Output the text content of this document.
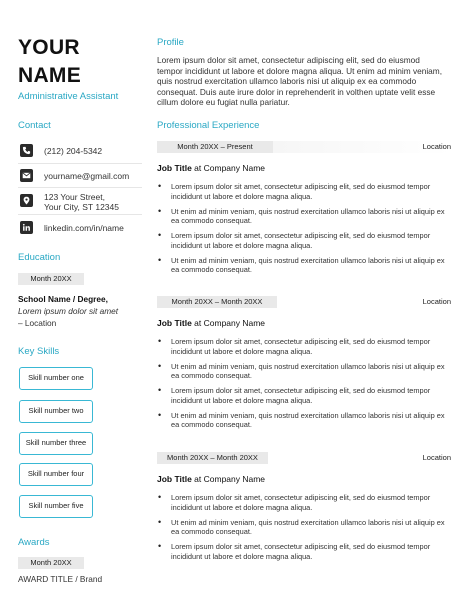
YOUR
NAME
Administrative Assistant
Contact
(212) 204-5342
yourname@gmail.com
123 Your Street,
Your City, ST 12345
linkedin.com/in/name
Education
Month 20XX
School Name / Degree,
Lorem ipsum dolor sit amet
– Location
Key Skills
Skill number one
Skill number two
Skill number three
Skill number four
Skill number five
Awards
Month 20XX
AWARD TITLE / Brand
Profile
Lorem ipsum dolor sit amet, consectetur adipiscing elit, sed do eiusmod tempor incididunt ut labore et dolore magna aliqua. Ut enim ad minim veniam, quis nostrud exercitation ullamco laboris nisi ut aliquip ex ea commodo consequat. Duis aute irure dolor in reprehenderit in volthen uptate velit esse cillum dolore eu fugiat nulla pariatur.
Professional Experience
Month 20XX – Present	Location
Job Title at Company Name
• Lorem ipsum dolor sit amet, consectetur adipiscing elit, sed do eiusmod tempor incididunt ut labore et dolore magna aliqua.
• Ut enim ad minim veniam, quis nostrud exercitation ullamco laboris nisi ut aliquip ex ea commodo consequat.
• Lorem ipsum dolor sit amet, consectetur adipiscing elit, sed do eiusmod tempor incididunt ut labore et dolore magna aliqua.
• Ut enim ad minim veniam, quis nostrud exercitation ullamco laboris nisi ut aliquip ex ea commodo consequat.
Month 20XX – Month 20XX	Location
Job Title at Company Name
• Lorem ipsum dolor sit amet, consectetur adipiscing elit, sed do eiusmod tempor incididunt ut labore et dolore magna aliqua.
• Ut enim ad minim veniam, quis nostrud exercitation ullamco laboris nisi ut aliquip ex ea commodo consequat.
• Lorem ipsum dolor sit amet, consectetur adipiscing elit, sed do eiusmod tempor incididunt ut labore et dolore magna aliqua.
• Ut enim ad minim veniam, quis nostrud exercitation ullamco laboris nisi ut aliquip ex ea commodo consequat.
Month 20XX – Month 20XX	Location
Job Title at Company Name
• Lorem ipsum dolor sit amet, consectetur adipiscing elit, sed do eiusmod tempor incididunt ut labore et dolore magna aliqua.
• Ut enim ad minim veniam, quis nostrud exercitation ullamco laboris nisi ut aliquip ex ea commodo consequat.
• Lorem ipsum dolor sit amet, consectetur adipiscing elit, sed do eiusmod tempor incididunt ut labore et dolore magna aliqua.
